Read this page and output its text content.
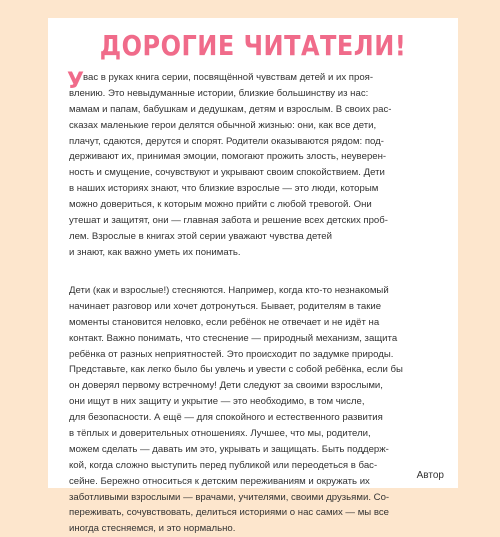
ДОРОГИЕ ЧИТАТЕЛИ!
У вас в руках книга серии, посвящённой чувствам детей и их проя-
влению. Это невыдуманные истории, близкие большинству из нас:
мамам и папам, бабушкам и дедушкам, детям и взрослым. В своих рас-
сказах маленькие герои делятся обычной жизнью: они, как все дети,
плачут, сдаются, дерутся и спорят. Родители оказываются рядом: под-
держивают их, принимая эмоции, помогают прожить злость, неувeрен-
ность и смущение, сочувствуют и укрывают своим спокойствием. Дети
в наших историях знают, что близкие взрослые — это люди, которым
можно довериться, к которым можно прийти с любой тревогой. Они
утешат и защитят, они — главная забота и решение всех детских проб-
лем. Взрослые в книгах этой серии уважают чувства детей
и знают, как важно уметь их понимать.
Дети (как и взрослые!) стесняются. Например, когда кто-то незнакомый
начинает разговор или хочет дотронуться. Бывает, родителям в такие
моменты становится неловко, если ребёнок не отвечает и не идёт на
контакт. Важно понимать, что стеснение — природный механизм, защита
ребёнка от разных неприятностей. Это происходит по задумке природы.
Представьте, как легко было бы увлечь и увести с собой ребёнка, если бы
он доверял первому встречному! Дети следуют за своими взрослыми,
они ищут в них защиту и укрытие — это необходимо, в том числе,
для безопасности. А ещё — для спокойного и естественного развития
в тёплых и доверительных отношениях. Лучшее, что мы, родители,
можем сделать — давать им это, укрывать и защищать. Быть поддерж-
кой, когда сложно выступить перед публикой или переодеться в бас-
сейне. Бережно относиться к детским переживаниям и окружать их
заботливыми взрослыми — врачами, учителями, своими друзьями. Со-
переживать, сочувствовать, делиться историями о нас самих — мы все
иногда стесняемся, и это нормально.
Автор
